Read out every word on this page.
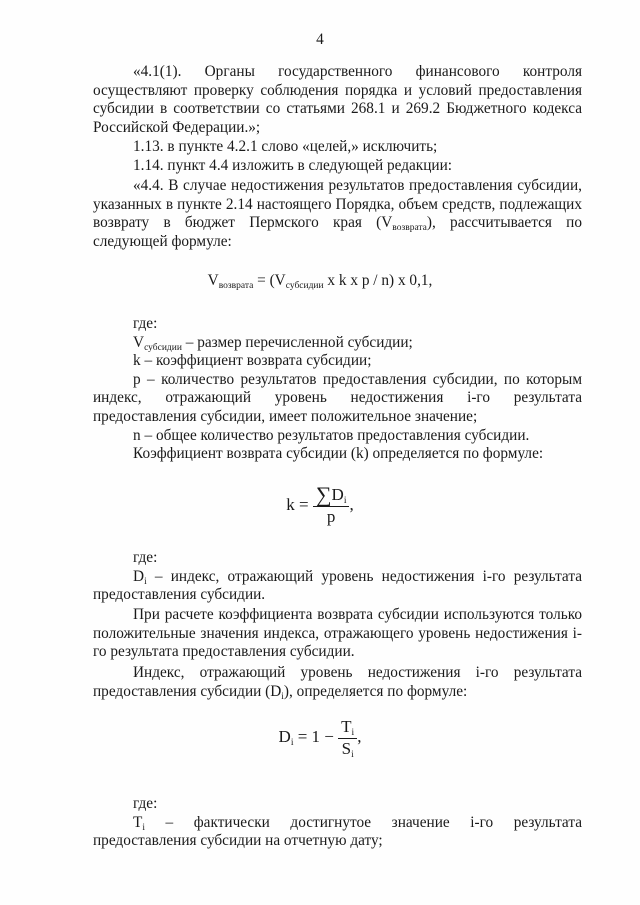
4

«4.1(1). Органы государственного финансового контроля осуществляют проверку соблюдения порядка и условий предоставления субсидии в соответствии со статьями 268.1 и 269.2 Бюджетного кодекса Российской Федерации.»;

1.13. в пункте 4.2.1 слово «целей,» исключить;

1.14. пункт 4.4 изложить в следующей редакции:

«4.4. В случае недостижения результатов предоставления субсидии, указанных в пункте 2.14 настоящего Порядка, объем средств, подлежащих возврату в бюджет Пермского края $(V_{возврата})$, рассчитывается по следующей формуле:

$V_{возврата} = (V_{субсидии}$ x k x p / n) x 0,1,

где:

$V_{субсидии}$ – размер перечисленной субсидии;

k – коэффициент возврата субсидии;

p – количество результатов предоставления субсидии, по которым индекс, отражающий уровень недостижения i-го результата предоставления субсидии, имеет положительное значение;

n – общее количество результатов предоставления субсидии.

Коэффициент возврата субсидии (k) определяется по формуле:

$k = \frac{\sum D_i}{p}$ ,

где:

$D_i$ – индекс, отражающий уровень недостижения i-го результата предоставления субсидии.

При расчете коэффициента возврата субсидии используются только положительные значения индекса, отражающего уровень недостижения i-го результата предоставления субсидии.

Индекс, отражающий уровень недостижения i-го результата предоставления субсидии $(D_i)$, определяется по формуле:

$D_i = 1 - \frac{T_i}{S_i}$ ,

где:

$T_i$ – фактически достигнутое значение i-го результата предоставления субсидии на отчетную дату;
